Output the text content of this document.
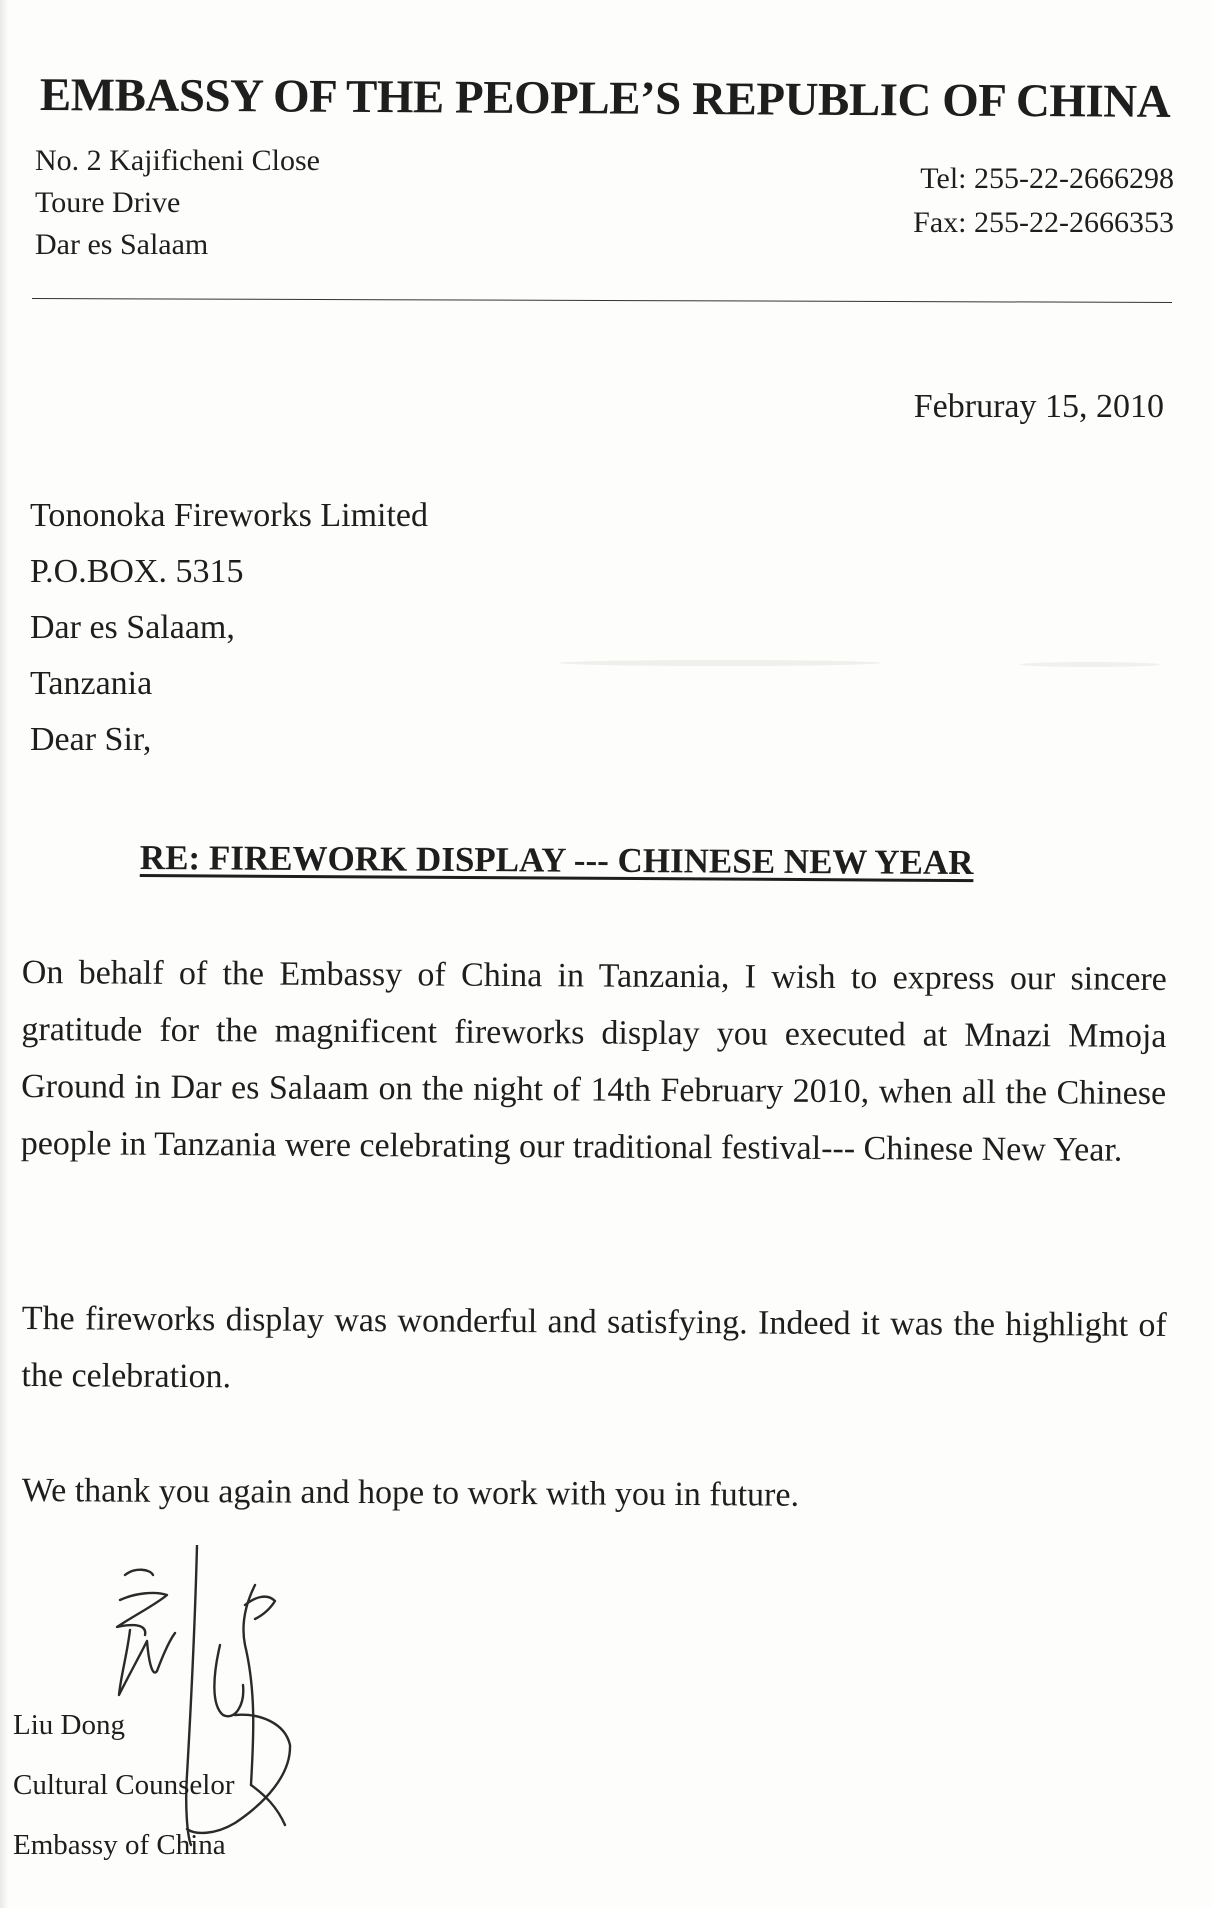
EMBASSY OF THE PEOPLE’S REPUBLIC OF CHINA
No. 2 Kajificheni Close
Toure Drive
Dar es Salaam
Tel: 255-22-2666298
Fax: 255-22-2666353
Februray 15, 2010
Tononoka Fireworks Limited
P.O.BOX. 5315
Dar es Salaam,
Tanzania
Dear Sir,
RE: FIREWORK DISPLAY --- CHINESE NEW YEAR
On behalf of the Embassy of China in Tanzania, I wish to express our sincere gratitude for the magnificent fireworks display you executed at Mnazi Mmoja Ground in Dar es Salaam on the night of 14th February 2010, when all the Chinese people in Tanzania were celebrating our traditional festival--- Chinese New Year.
The fireworks display was wonderful and satisfying. Indeed it was the highlight of the celebration.
We thank you again and hope to work with you in future.
Liu Dong
Cultural Counselor
Embassy of China
